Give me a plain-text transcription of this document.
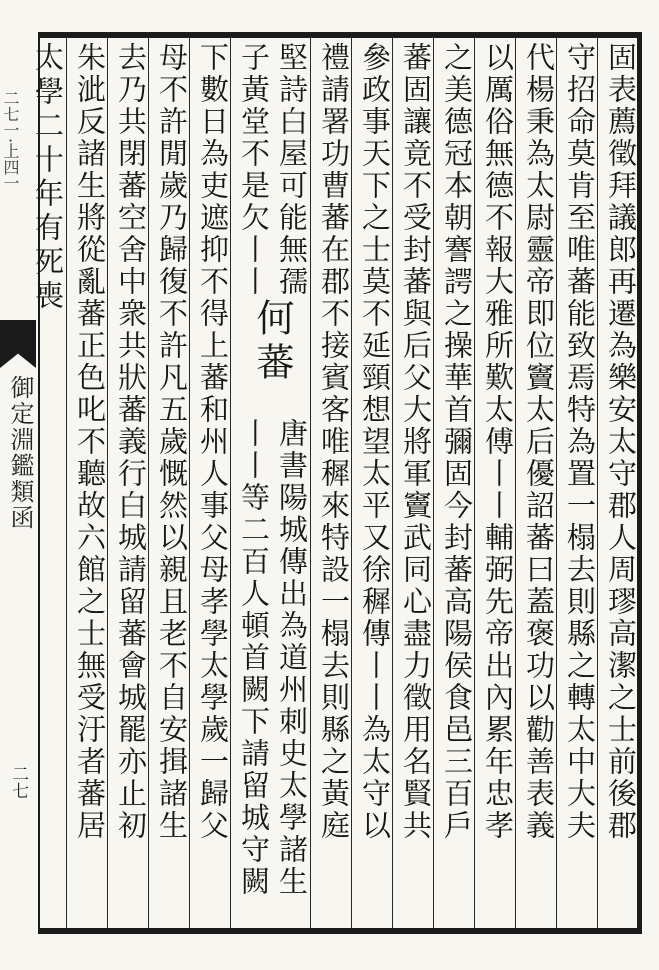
二七一·上四一
御定淵鑑類函
二七	固表薦徵拜議郎再遷為樂安太守郡人周璆高潔之士前後郡
守招命莫肯至唯蕃能致焉特為置一榻去則縣之轉太中大夫
代楊秉為太尉靈帝即位竇太后優詔蕃曰蓋褒功以勸善表義
以厲俗無德不報大雅所歎太傅丨丨輔弼先帝出內累年忠孝
之美德冠本朝謇諤之操華首彌固今封蕃高陽侯食邑三百戶
蕃固讓竟不受封蕃與后父大將軍竇武同心盡力徵用名賢共
參政事天下之士莫不延頸想望太平又徐穉傳丨丨為太守以
禮請署功曹蕃在郡不接賓客唯穉來特設一榻去則縣之黃庭
堅詩白屋可能無孺
子黃堂不是欠丨丨
何蕃
唐書陽城傳出為道州刺史太學諸生
丨丨等二百人頓首闕下請留城守闕
下數日為吏遮抑不得上蕃和州人事父母孝學太學歲一歸父
母不許閒歲乃歸復不許凡五歲慨然以親且老不自安揖諸生
去乃共閉蕃空舍中衆共狀蕃義行白城請留蕃會城罷亦止初
朱泚反諸生將從亂蕃正色叱不聽故六館之士無受汙者蕃居
太學二十年有死喪
